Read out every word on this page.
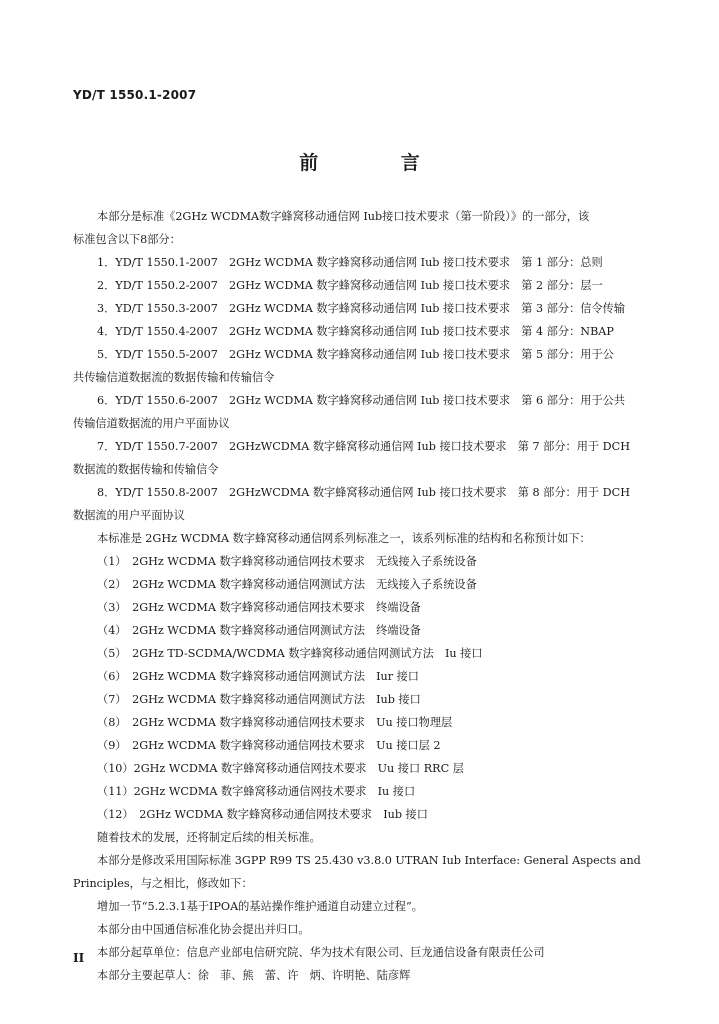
YD/T 1550.1-2007
前 言

本部分是标准《2GHz WCDMA数字蜂窝移动通信网 Iub接口技术要求（第一阶段）》的一部分，该

标准包含以下8部分：

1．YD/T 1550.1-2007　2GHz WCDMA 数字蜂窝移动通信网 Iub 接口技术要求　第 1 部分：总则

2．YD/T 1550.2-2007　2GHz WCDMA 数字蜂窝移动通信网 Iub 接口技术要求　第 2 部分：层一

3．YD/T 1550.3-2007　2GHz WCDMA 数字蜂窝移动通信网 Iub 接口技术要求　第 3 部分：信令传输

4．YD/T 1550.4-2007　2GHz WCDMA 数字蜂窝移动通信网 Iub 接口技术要求　第 4 部分：NBAP

5．YD/T 1550.5-2007　2GHz WCDMA 数字蜂窝移动通信网 Iub 接口技术要求　第 5 部分：用于公

共传输信道数据流的数据传输和传输信令

6．YD/T 1550.6-2007　2GHz WCDMA 数字蜂窝移动通信网 Iub 接口技术要求　第 6 部分：用于公共

传输信道数据流的用户平面协议

7．YD/T 1550.7-2007　2GHzWCDMA 数字蜂窝移动通信网 Iub 接口技术要求　第 7 部分：用于 DCH

数据流的数据传输和传输信令

8．YD/T 1550.8-2007　2GHzWCDMA 数字蜂窝移动通信网 Iub 接口技术要求　第 8 部分：用于 DCH

数据流的用户平面协议

本标准是 2GHz WCDMA 数字蜂窝移动通信网系列标准之一，该系列标准的结构和名称预计如下：

（1）　2GHz WCDMA 数字蜂窝移动通信网技术要求　无线接入子系统设备

（2）　2GHz WCDMA 数字蜂窝移动通信网测试方法　无线接入子系统设备

（3）　2GHz WCDMA 数字蜂窝移动通信网技术要求　终端设备

（4）　2GHz WCDMA 数字蜂窝移动通信网测试方法　终端设备

（5）　2GHz TD-SCDMA/WCDMA 数字蜂窝移动通信网测试方法　Iu 接口

（6）　2GHz WCDMA 数字蜂窝移动通信网测试方法　Iur 接口

（7）　2GHz WCDMA 数字蜂窝移动通信网测试方法　Iub 接口

（8）　2GHz WCDMA 数字蜂窝移动通信网技术要求　Uu 接口物理层

（9）　2GHz WCDMA 数字蜂窝移动通信网技术要求　Uu 接口层 2

（10）2GHz WCDMA 数字蜂窝移动通信网技术要求　Uu 接口 RRC 层

（11）2GHz WCDMA 数字蜂窝移动通信网技术要求　Iu 接口

（12）　2GHz WCDMA 数字蜂窝移动通信网技术要求　Iub 接口

随着技术的发展，还将制定后续的相关标准。

本部分是修改采用国际标准 3GPP R99 TS 25.430 v3.8.0 UTRAN Iub Interface: General Aspects and

Principles，与之相比，修改如下：

增加一节“5.2.3.1基于IPOA的基站操作维护通道自动建立过程”。

本部分由中国通信标准化协会提出并归口。

本部分起草单位：信息产业部电信研究院、华为技术有限公司、巨龙通信设备有限责任公司

本部分主要起草人：徐　菲、熊　蕾、许　炳、许明艳、陆彦辉

II
